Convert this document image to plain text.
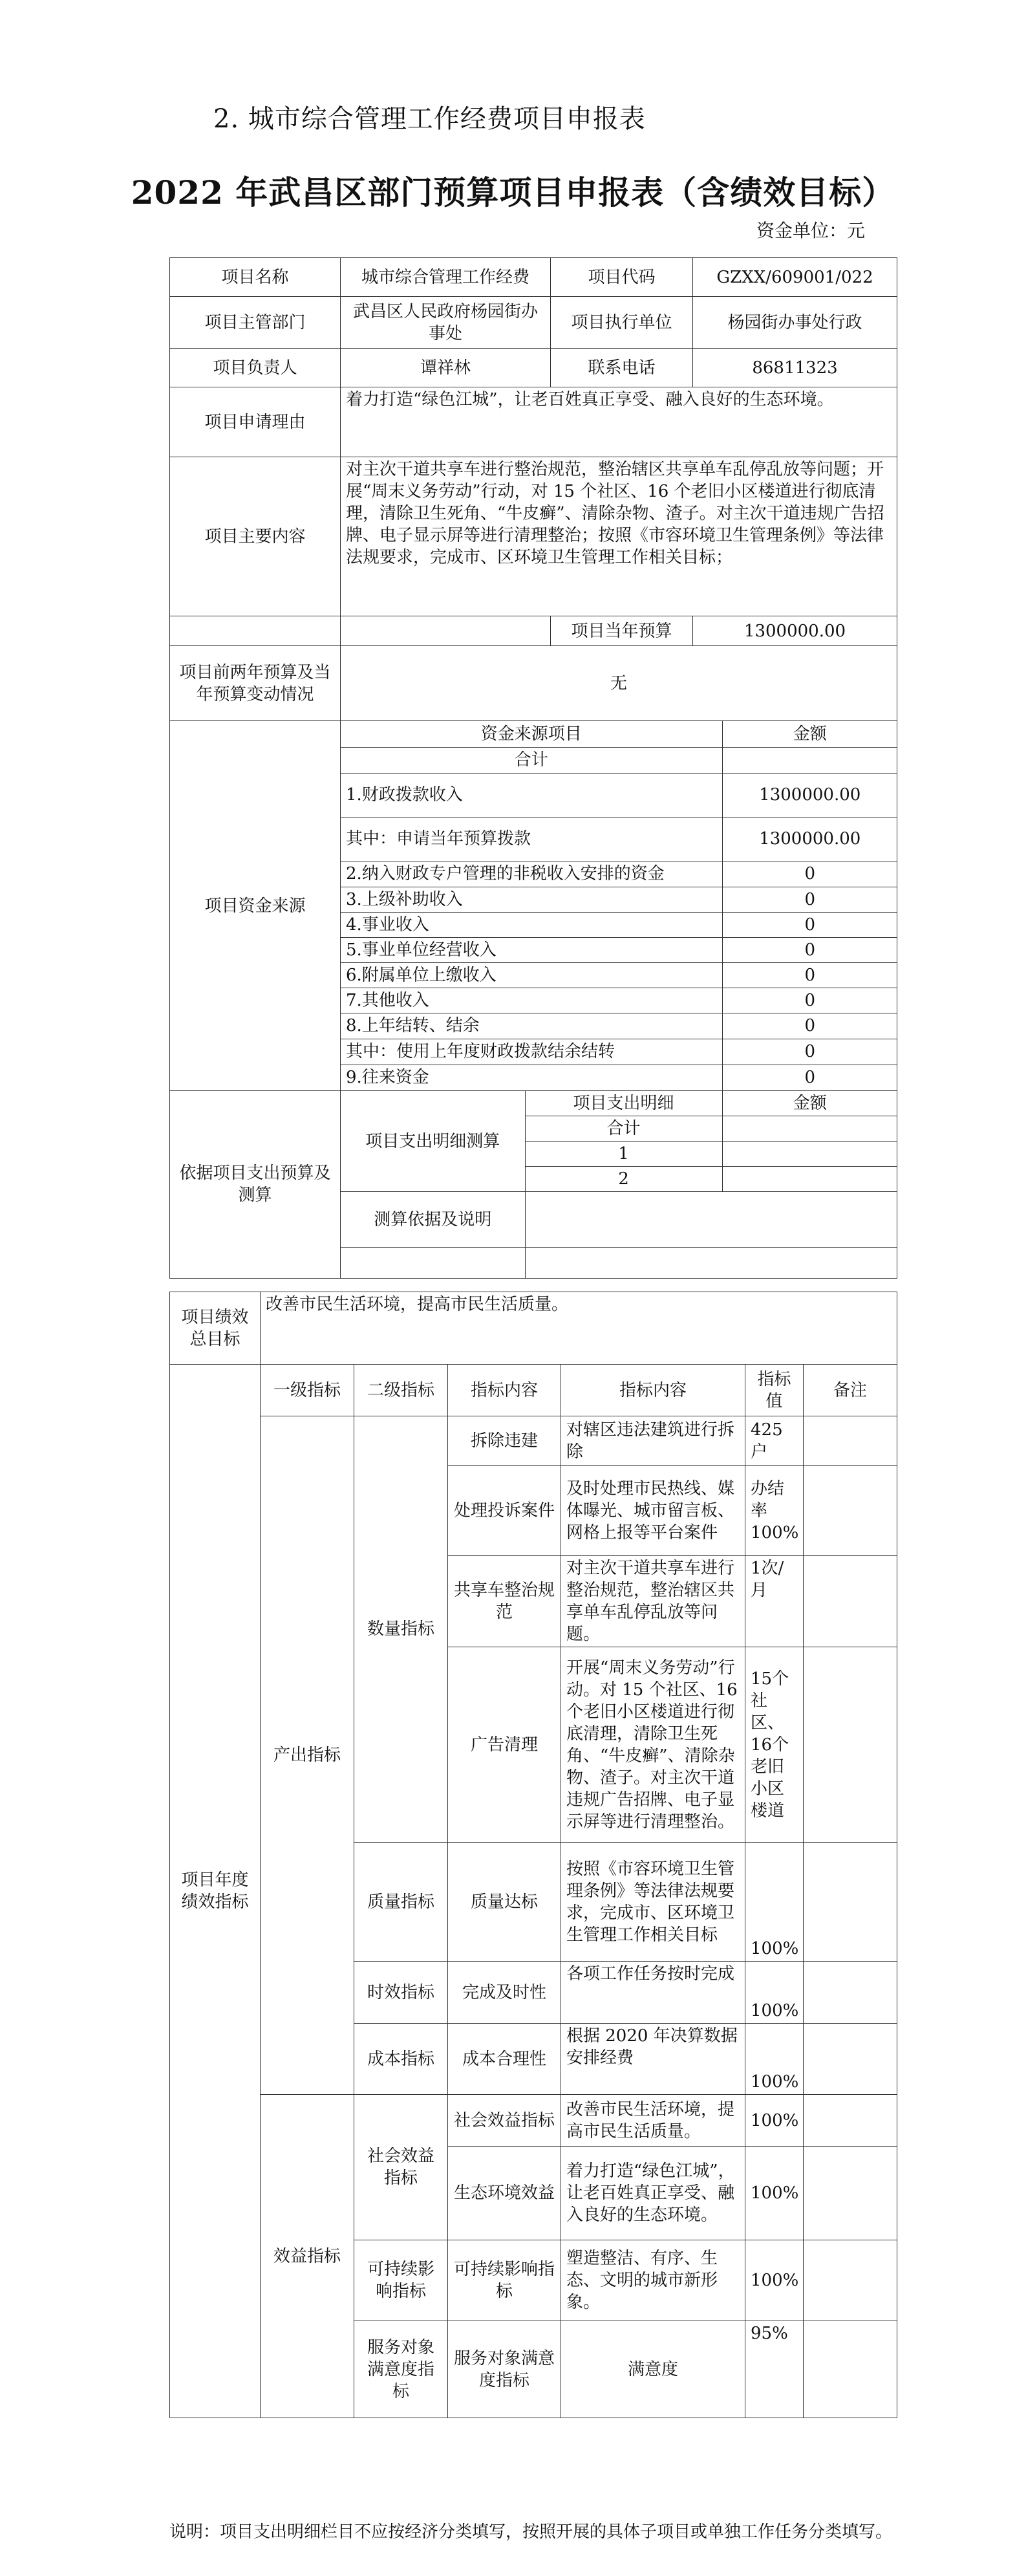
2. 城市综合管理工作经费项目申报表
2022 年武昌区部门预算项目申报表（含绩效目标）
资金单位：元
项目名称	城市综合管理工作经费	项目代码	GZXX/609001/022
项目主管部门	武昌区人民政府杨园街办事处	项目执行单位	杨园街办事处行政
项目负责人	谭祥林	联系电话	86811323
项目申请理由	着力打造“绿色江城”，让老百姓真正享受、融入良好的生态环境。
项目主要内容	对主次干道共享车进行整治规范，整治辖区共享单车乱停乱放等问题；开展“周末义务劳动”行动，对 15 个社区、16 个老旧小区楼道进行彻底清理，清除卫生死角、“牛皮癣”、清除杂物、渣子。对主次干道违规广告招牌、电子显示屏等进行清理整治；按照《市容环境卫生管理条例》等法律法规要求，完成市、区环境卫生管理工作相关目标；
		项目当年预算	1300000.00
项目前两年预算及当年预算变动情况	无
项目资金来源	
资金来源项目	金额
合计	
1.财政拨款收入	1300000.00
其中：申请当年预算拨款	1300000.00
2.纳入财政专户管理的非税收入安排的资金	0
3.上级补助收入	0
4.事业收入	0
5.事业单位经营收入	0
6.附属单位上缴收入	0
7.其他收入	0
8.上年结转、结余	0
其中：使用上年度财政拨款结余结转	0
9.往来资金	0

依据项目支出预算及测算	
项目支出明细测算	项目支出明细	金额
合计	
1	
2	
测算依据及说明	

项目绩效总目标	改善市民生活环境，提高市民生活质量。					
项目年度绩效指标	一级指标	二级指标	指标内容	指标内容	指标值	备注
	产出指标	数量指标	拆除违建	对辖区违法建筑进行拆除	425户	
			处理投诉案件	及时处理市民热线、媒体曝光、城市留言板、网格上报等平台案件	办结率100%	
			共享车整治规范	对主次干道共享车进行整治规范，整治辖区共享单车乱停乱放等问题。	1次/月	
			广告清理	开展“周末义务劳动”行动。对 15 个社区、16 个老旧小区楼道进行彻底清理，清除卫生死角、“牛皮癣”、清除杂物、渣子。对主次干道违规广告招牌、电子显示屏等进行清理整治。	15个社区、16个老旧小区楼道	
		质量指标	质量达标	按照《市容环境卫生管理条例》等法律法规要求，完成市、区环境卫生管理工作相关目标	100%	
		时效指标	完成及时性	各项工作任务按时完成	100%	
		成本指标	成本合理性	根据 2020 年决算数据安排经费	100%	

	效益指标	社会效益指标	社会效益指标	改善市民生活环境，提高市民生活质量。	100%	
			生态环境效益	着力打造“绿色江城”，让老百姓真正享受、融入良好的生态环境。	100%	
		可持续影响指标	可持续影响指标	塑造整洁、有序、生态、文明的城市新形象。	100%	
		服务对象满意度指标	服务对象满意度指标	满意度	95%	
说明：项目支出明细栏目不应按经济分类填写，按照开展的具体子项目或单独工作任务分类填写。
